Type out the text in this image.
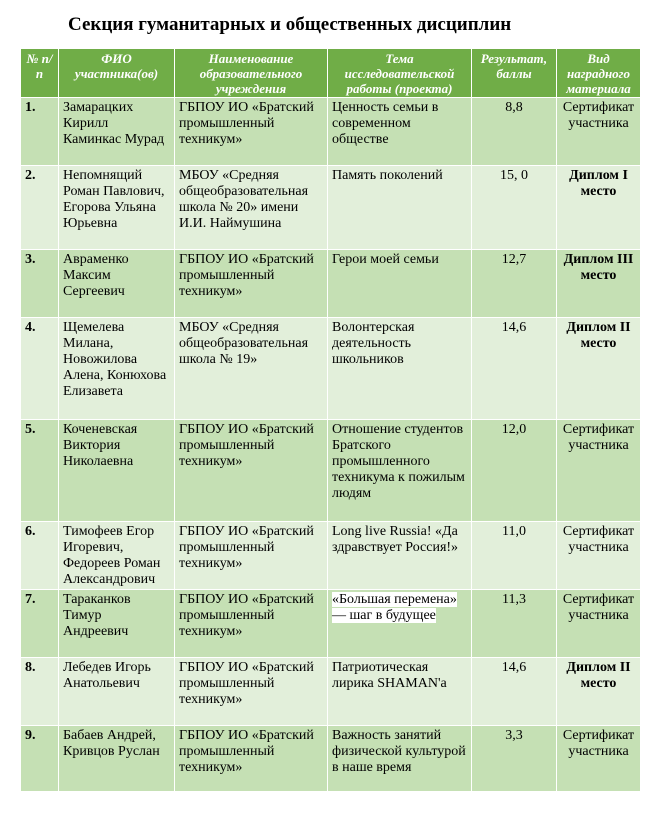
Секция гуманитарных и общественных дисциплин
№ п/п	ФИО участника(ов)	Наименование образовательного учреждения	Тема исследовательской работы (проекта)	Результат, баллы	Вид наградного материала
1.	Замарацких Кирилл Каминкас Мурад	ГБПОУ ИО «Братский промышленный техникум»	Ценность семьи в современном обществе	8,8	Сертификат участника
2.	Непомнящий Роман Павлович, Егорова Ульяна Юрьевна	МБОУ «Средняя общеобразовательная школа № 20» имени И.И. Наймушина	Память поколений	15, 0	Диплом I место
3.	Авраменко Максим Сергеевич	ГБПОУ ИО «Братский промышленный техникум»	Герои моей семьи	12,7	Диплом III место
4.	Щемелева Милана, Новожилова Алена, Конюхова Елизавета	МБОУ «Средняя общеобразовательная школа № 19»	Волонтерская деятельность школьников	14,6	Диплом II место
5.	Коченевская Виктория Николаевна	ГБПОУ ИО «Братский промышленный техникум»	Отношение студентов Братского промышленного техникума к пожилым людям	12,0	Сертификат участника
6.	Тимофеев Егор Игоревич, Федореев Роман Александрович	ГБПОУ ИО «Братский промышленный техникум»	Long live Russia! «Да здравствует Россия!»	11,0	Сертификат участника
7.	Тараканков Тимур Андреевич	ГБПОУ ИО «Братский промышленный техникум»	«Большая перемена» — шаг в будущее	11,3	Сертификат участника
8.	Лебедев Игорь Анатольевич	ГБПОУ ИО «Братский промышленный техникум»	Патриотическая лирика SHAMAN'a	14,6	Диплом II место
9.	Бабаев Андрей, Кривцов Руслан	ГБПОУ ИО «Братский промышленный техникум»	Важность занятий физической культурой в наше время	3,3	Сертификат участника
